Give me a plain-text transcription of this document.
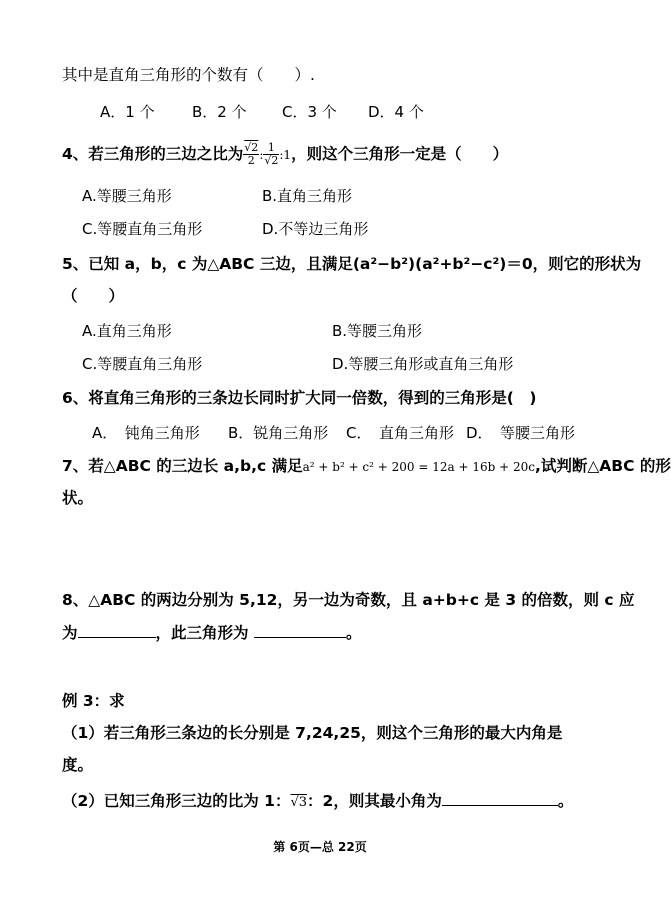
其中是直角三角形的个数有（　　）.
A．1 个 B．2 个 C．3 个 D．4 个
4、若三角形的三边之比为 $\frac{√2}{2}$ : $\frac{1}{√2}$ :1，则这个三角形一定是（　　）
A.等腰三角形	B.直角三角形
C.等腰直角三角形	D.不等边三角形
5、已知 a，b，c 为△ABC 三边，且满足(a²−b²)(a²+b²−c²)＝0，则它的形状为
（　　）
A.直角三角形	B.等腰三角形
C.等腰直角三角形	D.等腰三角形或直角三角形
6、将直角三角形的三条边长同时扩大同一倍数，得到的三角形是(　)
A．　钝角三角形 B．锐角三角形 C．　直角三角形 D．　等腰三角形
7、若△ABC 的三边长 a,b,c 满足a² + b² + c² + 200 = 12a + 16b + 20c,试判断△ABC 的形
状。
8、△ABC 的两边分别为 5,12，另一边为奇数，且 a+b+c 是 3 的倍数，则 c 应
为	，此三角形为	。
例 3：求
（1）若三角形三条边的长分别是 7,24,25，则这个三角形的最大内角是
度。
（2）已知三角形三边的比为 1：√3：2，则其最小角为	。
第 6页—总 22页
